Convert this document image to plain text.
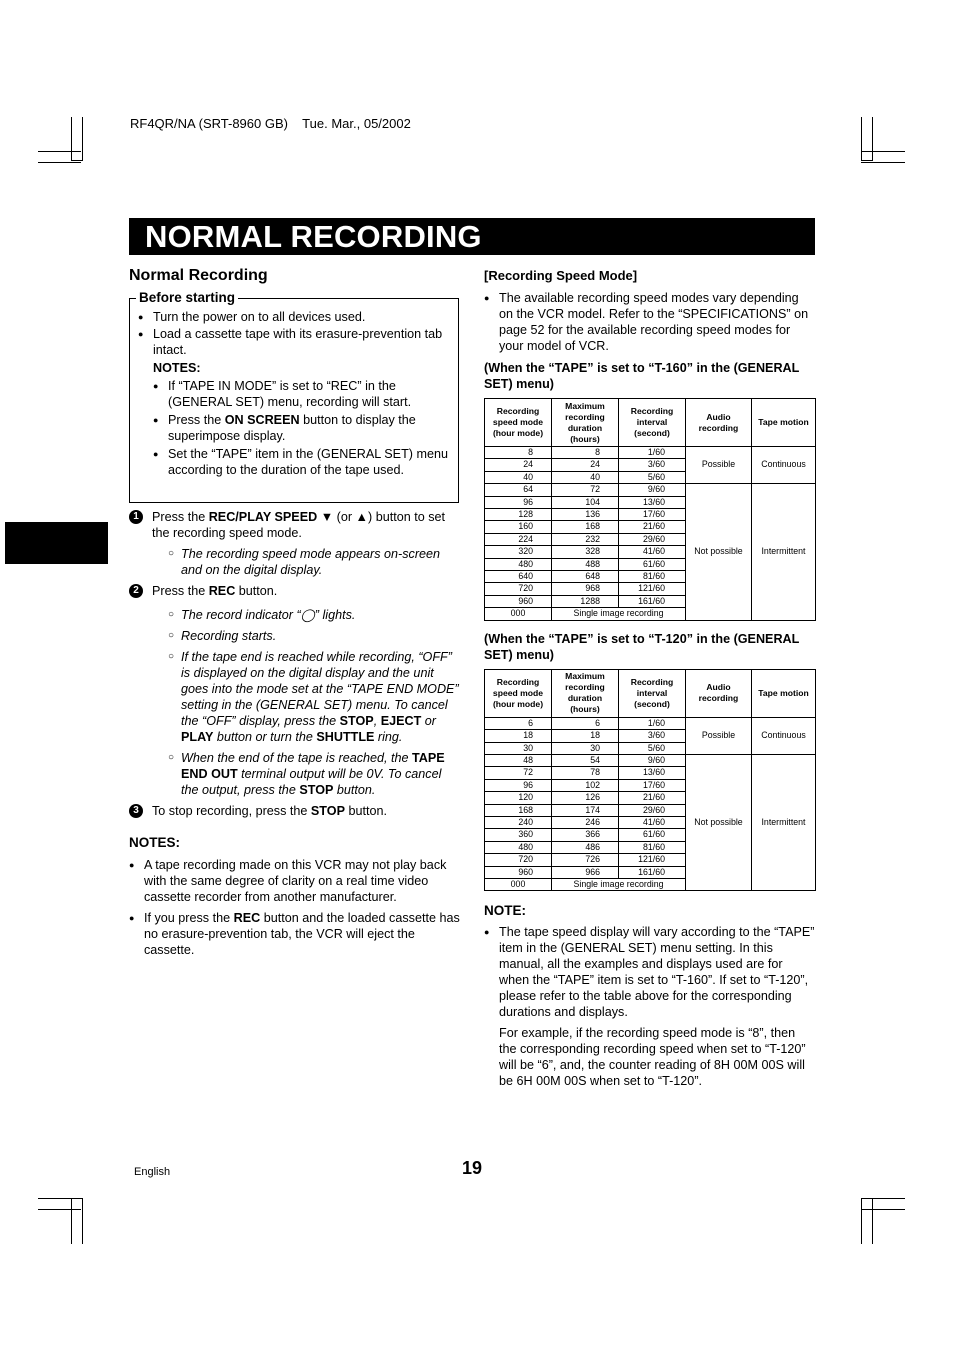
RF4QR/NA (SRT-8960 GB)    Tue. Mar., 05/2002
NORMAL RECORDING
Normal Recording
Before starting
● Turn the power on to all devices used.
● Load a cassette tape with its erasure-prevention tab intact.
NOTES:
● If “TAPE IN MODE” is set to “REC” in the (GENERAL SET) menu, recording will start.
● Press the ON SCREEN button to display the superimpose display.
● Set the “TAPE” item in the (GENERAL SET) menu according to the duration of the tape used.
1	Press the REC/PLAY SPEED ▼ (or ▲) button to set the recording speed mode.
○ The recording speed mode appears on-screen and on the digital display.
2	Press the REC button.
○ The record indicator “◯” lights.
○ Recording starts.
○ If the tape end is reached while recording, “OFF” is displayed on the digital display and the unit goes into the mode set at the “TAPE END MODE” setting in the (GENERAL SET) menu. To cancel the “OFF” display, press the STOP, EJECT or PLAY button or turn the SHUTTLE ring.
○ When the end of the tape is reached, the TAPE END OUT terminal output will be 0V. To cancel the output, press the STOP button.
3	To stop recording, press the STOP button.
NOTES:
● A tape recording made on this VCR may not play back with the same degree of clarity on a real time video cassette recorder from another manufacturer.
● If you press the REC button and the loaded cassette has no erasure-prevention tab, the VCR will eject the cassette.
[Recording Speed Mode]
● The available recording speed modes vary depending on the VCR model. Refer to the “SPECIFICATIONS” on page 52 for the available recording speed modes for your model of VCR.
(When the “TAPE” is set to “T-160” in the (GENERAL SET) menu)
Recording speed mode (hour mode)	Maximum recording duration (hours)	Recording interval (second)	Audio recording	Tape motion
8	8	1/60	Possible	Continuous
24	24	3/60		
40	40	5/60		
64	72	9/60	Not possible	Intermittent
96	104	13/60		
128	136	17/60		
160	168	21/60		
224	232	29/60		
320	328	41/60		
480	488	61/60		
640	648	81/60		
720	968	121/60		
960	1288	161/60		
000	Single image recording			
(When the “TAPE” is set to “T-120” in the (GENERAL SET) menu)
Recording speed mode (hour mode)	Maximum recording duration (hours)	Recording interval (second)	Audio recording	Tape motion
6	6	1/60	Possible	Continuous
18	18	3/60		
30	30	5/60		
48	54	9/60	Not possible	Intermittent
72	78	13/60		
96	102	17/60		
120	126	21/60		
168	174	29/60		
240	246	41/60		
360	366	61/60		
480	486	81/60		
720	726	121/60		
960	966	161/60		
000	Single image recording			
NOTE:
● The tape speed display will vary according to the “TAPE” item in the (GENERAL SET) menu setting. In this manual, all the examples and displays used are for when the “TAPE” item is set to “T-160”. If set to “T-120”, please refer to the table above for the corresponding durations and displays.
For example, if the recording speed mode is “8”, then the corresponding recording speed when set to “T-120” will be “6”, and, the counter reading of 8H 00M 00S will be 6H 00M 00S when set to “T-120”.
English	19
